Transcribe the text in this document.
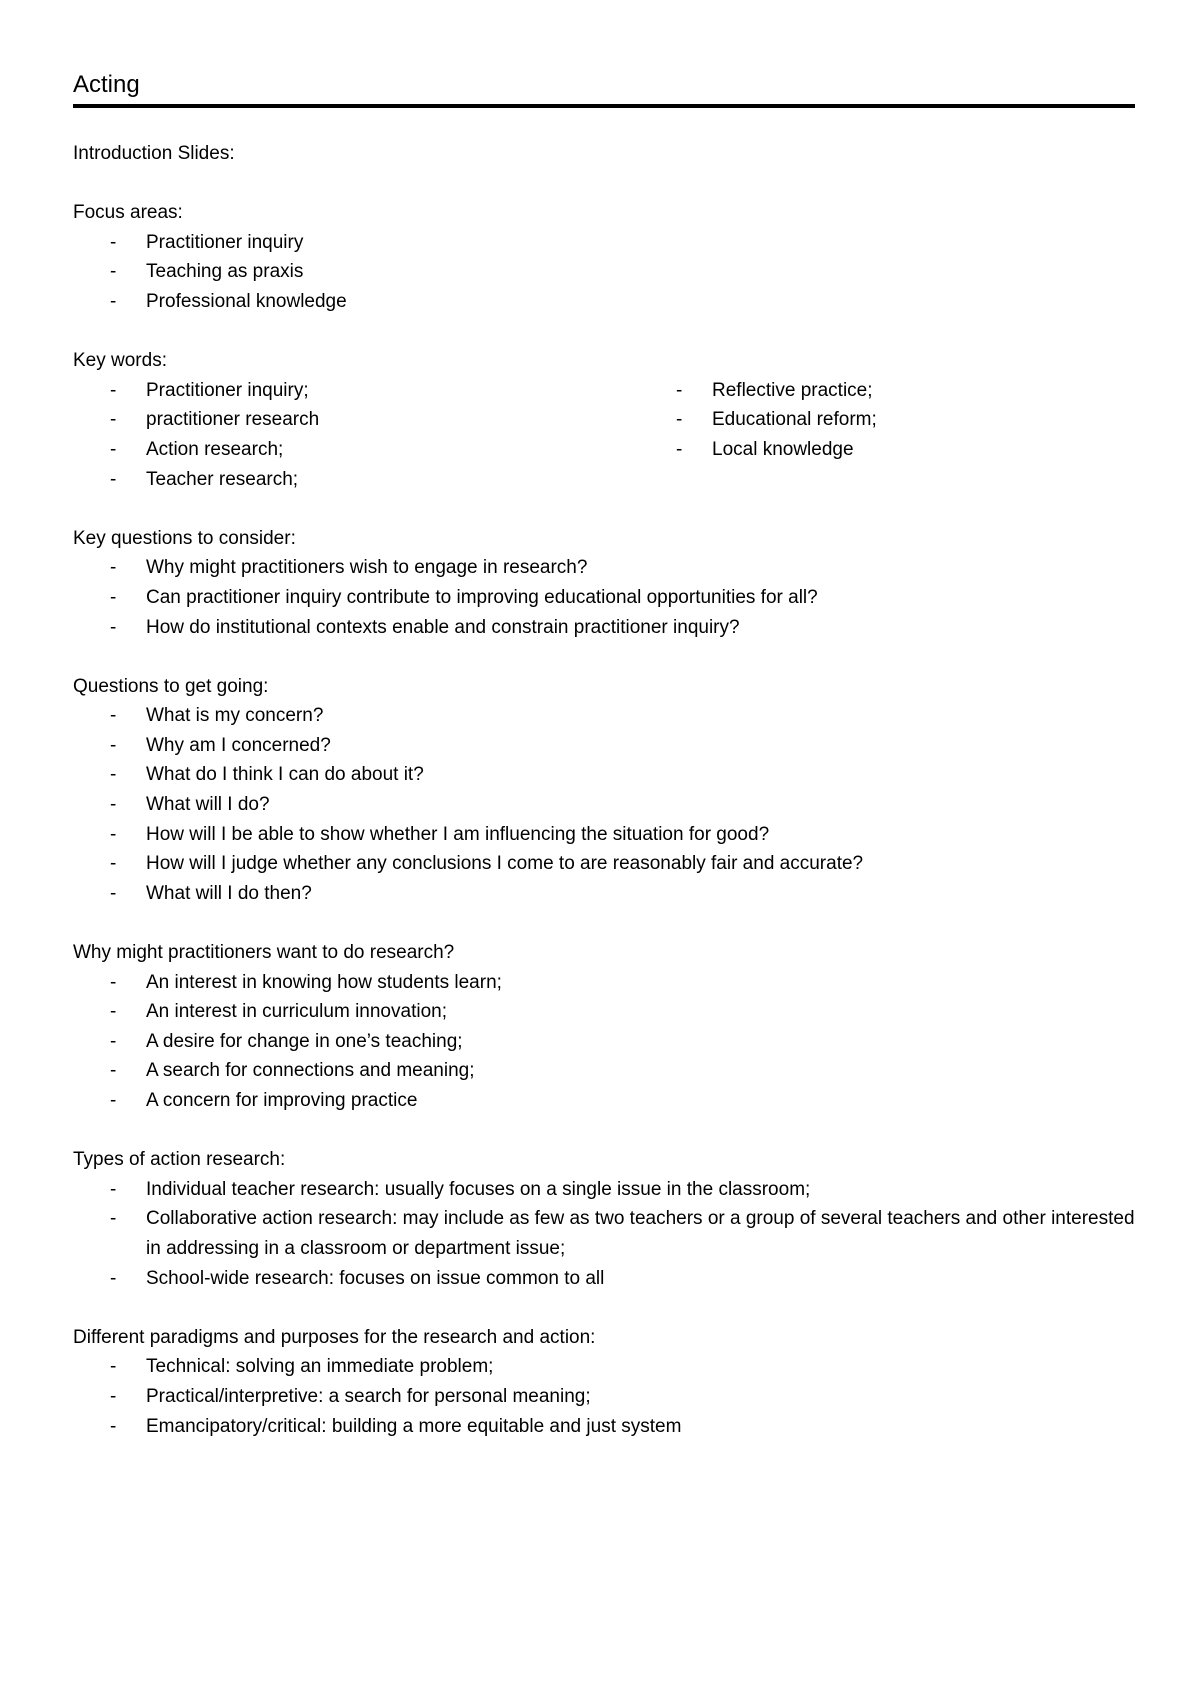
Acting
Introduction Slides:
Focus areas:
- Practitioner inquiry
- Teaching as praxis
- Professional knowledge
Key words:
- Practitioner inquiry;
- practitioner research
- Action research;
- Teacher research;
- Reflective practice;
- Educational reform;
- Local knowledge
Key questions to consider:
- Why might practitioners wish to engage in research?
- Can practitioner inquiry contribute to improving educational opportunities for all?
- How do institutional contexts enable and constrain practitioner inquiry?
Questions to get going:
- What is my concern?
- Why am I concerned?
- What do I think I can do about it?
- What will I do?
- How will I be able to show whether I am influencing the situation for good?
- How will I judge whether any conclusions I come to are reasonably fair and accurate?
- What will I do then?
Why might practitioners want to do research?
- An interest in knowing how students learn;
- An interest in curriculum innovation;
- A desire for change in one’s teaching;
- A search for connections and meaning;
- A concern for improving practice
Types of action research:
- Individual teacher research: usually focuses on a single issue in the classroom;
- Collaborative action research: may include as few as two teachers or a group of several teachers and other interested in addressing in a classroom or department issue;
- School-wide research: focuses on issue common to all
Different paradigms and purposes for the research and action:
- Technical: solving an immediate problem;
- Practical/interpretive: a search for personal meaning;
- Emancipatory/critical: building a more equitable and just system
